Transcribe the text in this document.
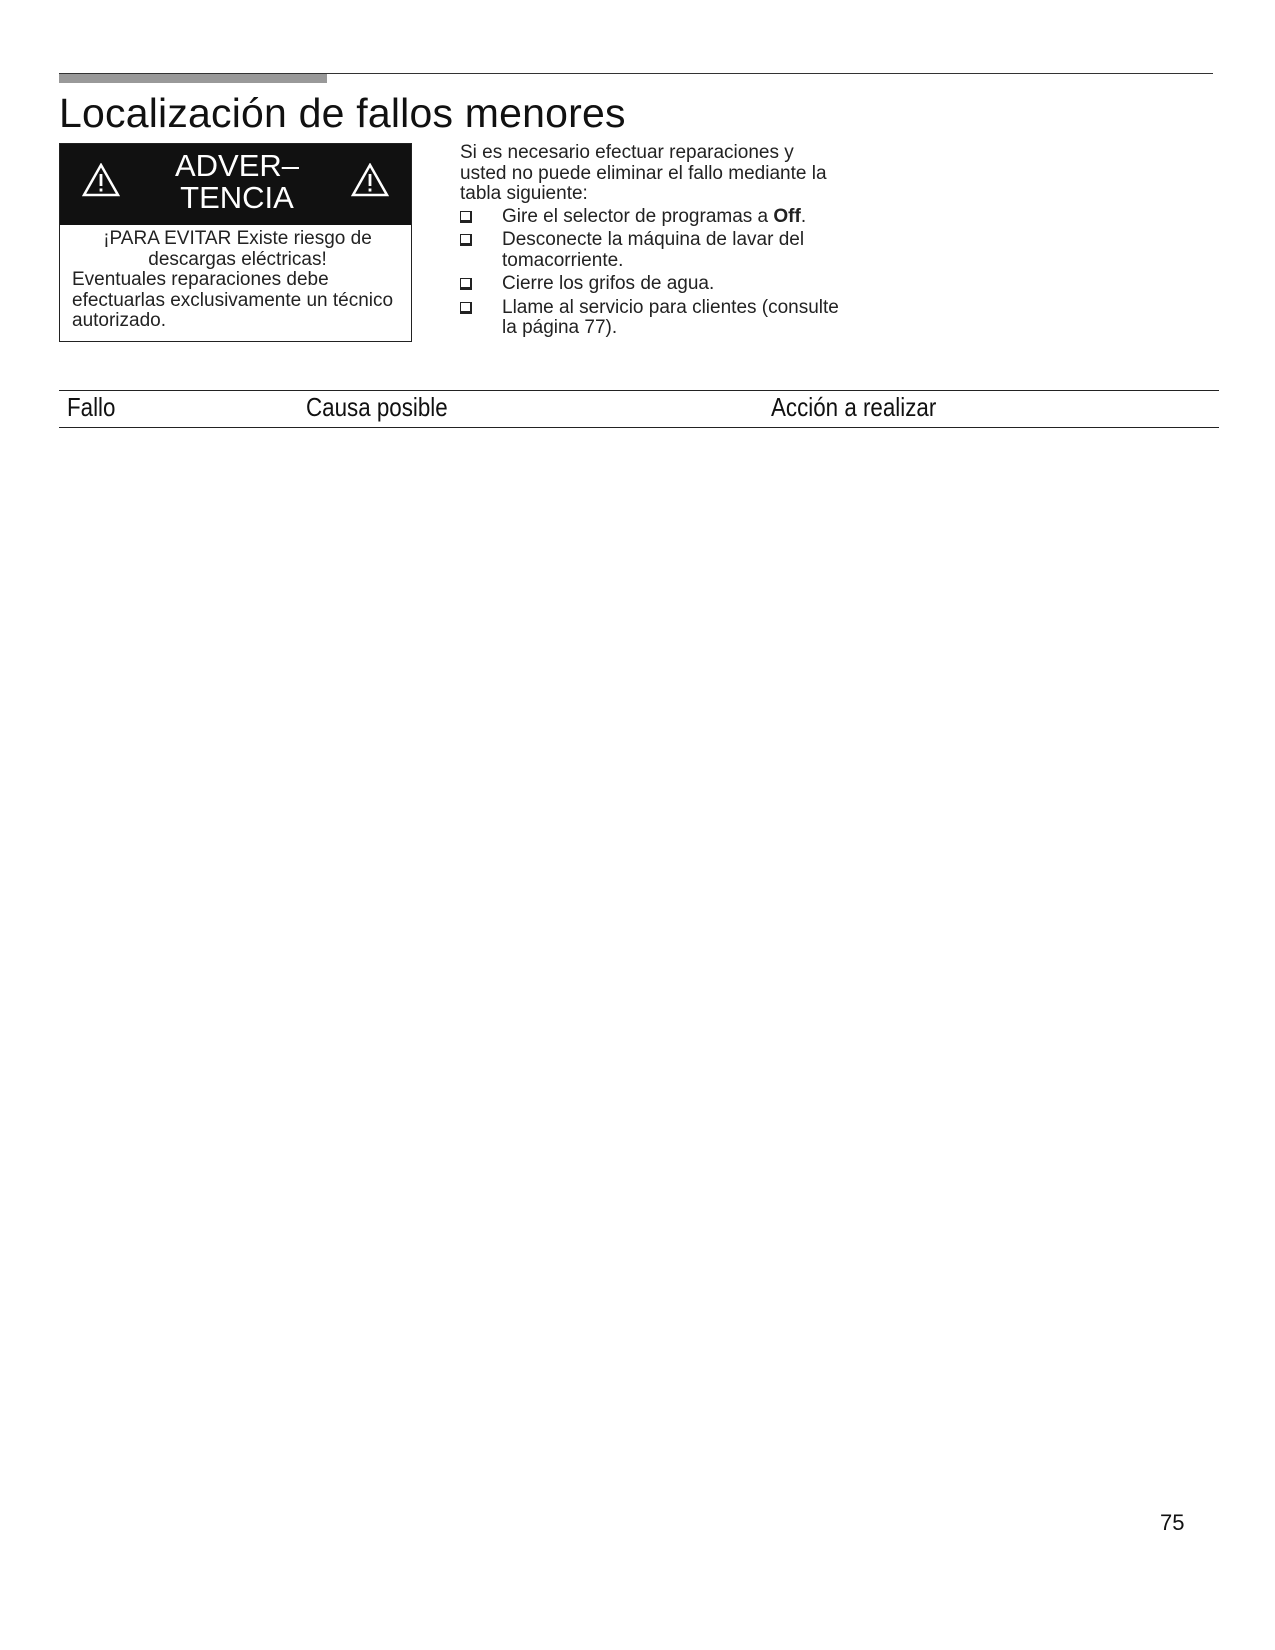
Localización de fallos menores
ADVER–
TENCIA
¡PARA EVITAR Existe riesgo de
descargas eléctricas!
Eventuales reparaciones debe efectuarlas exclusivamente un técnico autorizado.

Si es necesario efectuar reparaciones y usted no puede eliminar el fallo mediante la tabla siguiente:

Gire el selector de programas a Off.
Desconecte la máquina de lavar del tomacorriente.
Cierre los grifos de agua.
Llame al servicio para clientes (consulte la página 77).
Fallo	Causa posible	Acción a realizar
75
